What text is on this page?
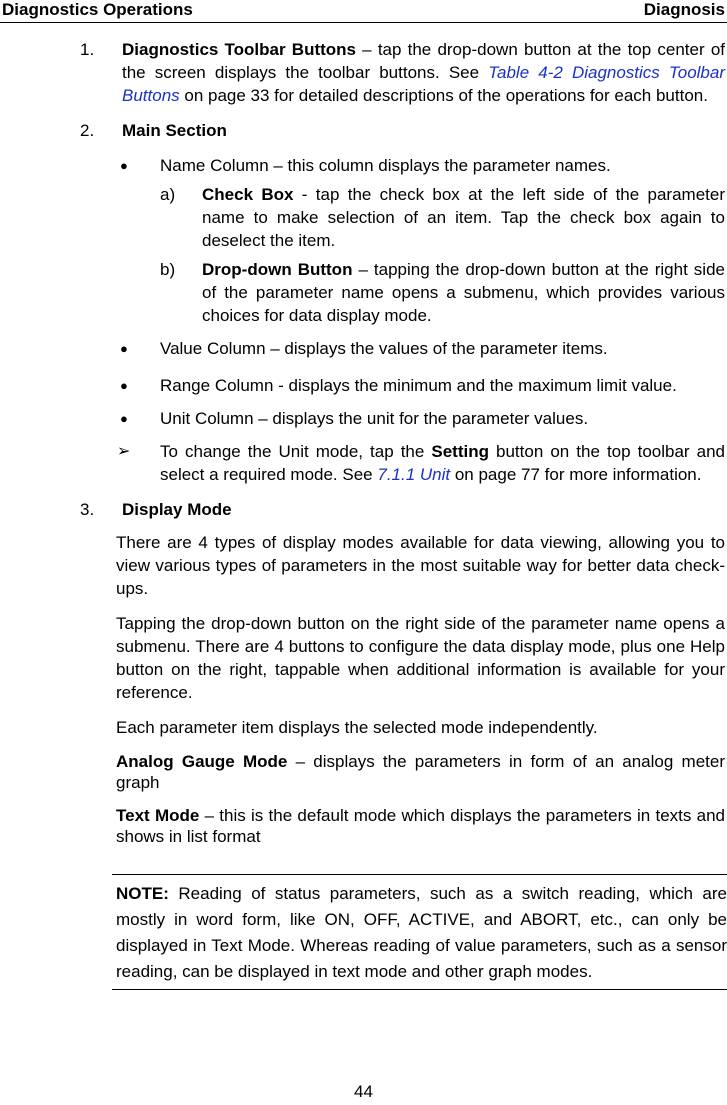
Diagnostics Operations	Diagnosis
1. Diagnostics Toolbar Buttons – tap the drop-down button at the top center of the screen displays the toolbar buttons. See Table 4-2 Diagnostics Toolbar Buttons on page 33 for detailed descriptions of the operations for each button.
2. Main Section
● Name Column – this column displays the parameter names.
a) Check Box - tap the check box at the left side of the parameter name to make selection of an item. Tap the check box again to deselect the item.
b) Drop-down Button – tapping the drop-down button at the right side of the parameter name opens a submenu, which provides various choices for data display mode.
● Value Column – displays the values of the parameter items.
● Range Column - displays the minimum and the maximum limit value.
● Unit Column – displays the unit for the parameter values.
➢ To change the Unit mode, tap the Setting button on the top toolbar and select a required mode. See 7.1.1 Unit on page 77 for more information.
3. Display Mode
There are 4 types of display modes available for data viewing, allowing you to view various types of parameters in the most suitable way for better data check-ups.
Tapping the drop-down button on the right side of the parameter name opens a submenu. There are 4 buttons to configure the data display mode, plus one Help button on the right, tappable when additional information is available for your reference.
Each parameter item displays the selected mode independently.
Analog Gauge Mode – displays the parameters in form of an analog meter graph
Text Mode – this is the default mode which displays the parameters in texts and shows in list format
NOTE: Reading of status parameters, such as a switch reading, which are mostly in word form, like ON, OFF, ACTIVE, and ABORT, etc., can only be displayed in Text Mode. Whereas reading of value parameters, such as a sensor reading, can be displayed in text mode and other graph modes.
44
